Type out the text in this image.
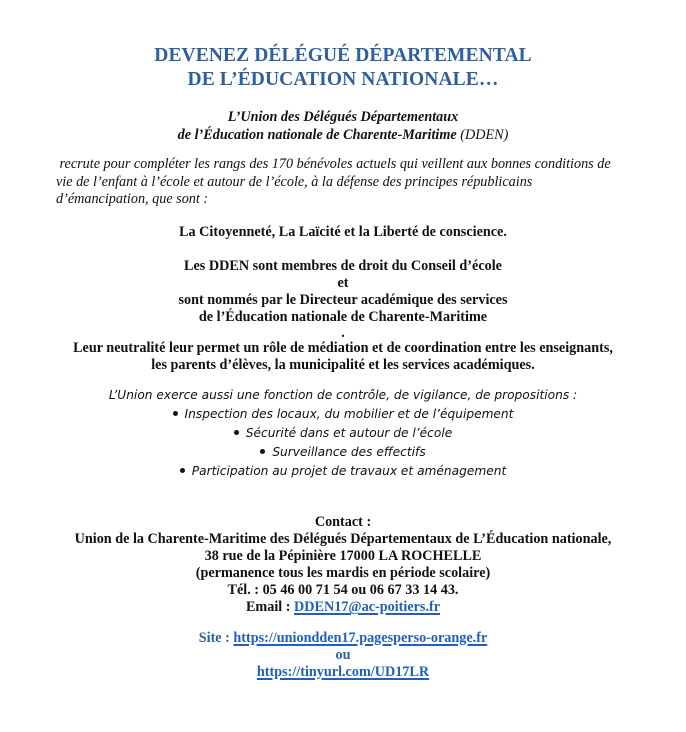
DEVENEZ DÉLÉGUÉ DÉPARTEMENTAL
DE L’ÉDUCATION NATIONALE…
L’Union des Délégués Départementaux
de l’Éducation nationale de Charente-Maritime (DDEN)
recrute pour compléter les rangs des 170 bénévoles actuels qui veillent aux bonnes conditions de
vie de l’enfant à l’école et autour de l’école, à la défense des principes républicains
d’émancipation, que sont :
La Citoyenneté, La Laïcité et la Liberté de conscience.
Les DDEN sont membres de droit du Conseil d’école
et
sont nommés par le Directeur académique des services
de l’Éducation nationale de Charente-Maritime
.
Leur neutralité leur permet un rôle de médiation et de coordination entre les enseignants,
les parents d’élèves, la municipalité et les services académiques.
L’Union exerce aussi une fonction de contrôle, de vigilance, de propositions :
Inspection des locaux, du mobilier et de l’équipement
Sécurité dans et autour de l’école
Surveillance des effectifs
Participation au projet de travaux et aménagement
Contact :
Union de la Charente-Maritime des Délégués Départementaux de L’Éducation nationale,
38 rue de la Pépinière 17000 LA ROCHELLE
(permanence tous les mardis en période scolaire)
Tél. : 05 46 00 71 54 ou 06 67 33 14 43.
Email : DDEN17@ac-poitiers.fr
Site : https://uniondden17.pagesperso-orange.fr
ou
https://tinyurl.com/UD17LR
